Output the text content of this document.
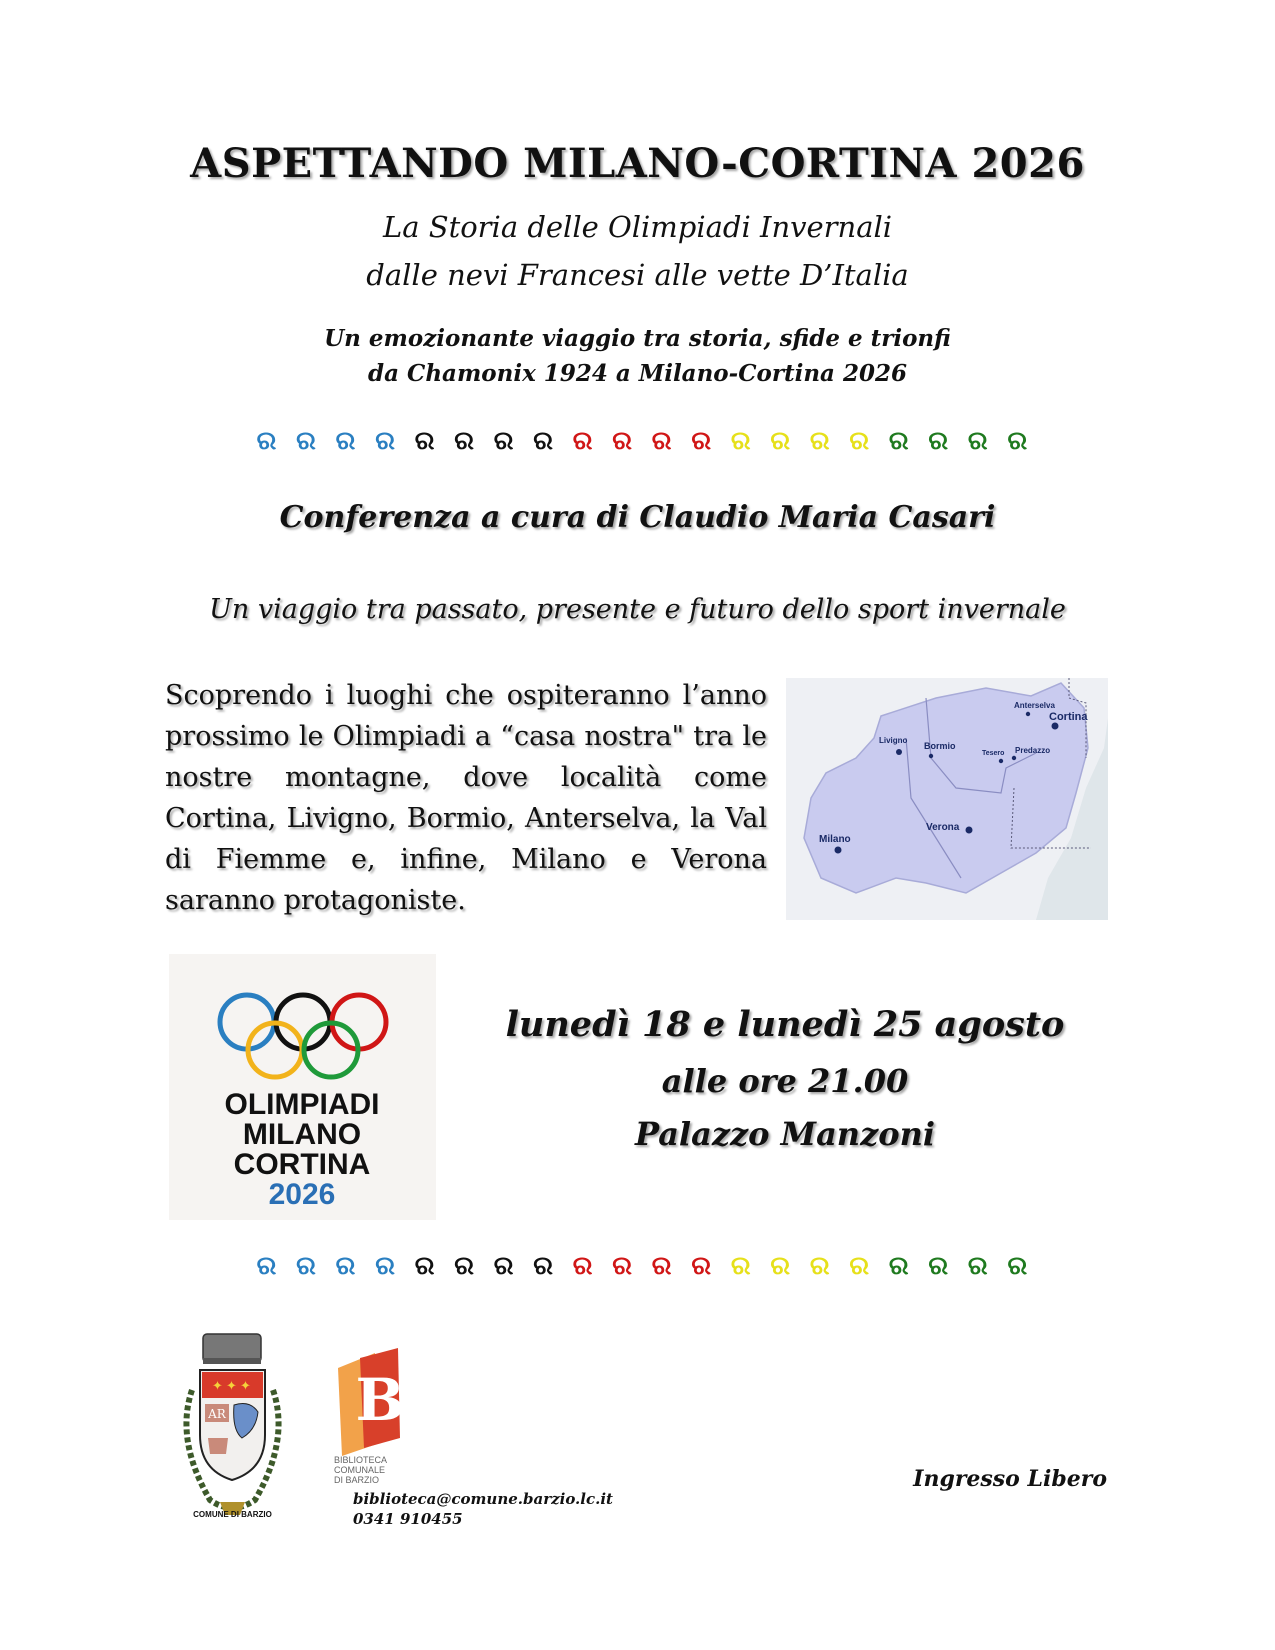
ASPETTANDO MILANO-CORTINA 2026
La Storia delle Olimpiadi Invernali
dalle nevi Francesi alle vette D’Italia
Un emozionante viaggio tra storia, sfide e trionfi
da Chamonix 1924 a Milano-Cortina 2026
ର ର ର ର ର ର ର ର ର ର ର ର ର ର ର ର ର ର ର ର
Conferenza a cura di Claudio Maria Casari
Un viaggio tra passato, presente e futuro dello sport invernale
Scoprendo i luoghi che ospiteranno l’anno prossimo le Olimpiadi a “casa nostra" tra le nostre montagne, dove località come Cortina, Livigno, Bormio, Anterselva, la Val di Fiemme e, infine, Milano e Verona saranno protagoniste.
Anterselva
Cortina
Livigno
Bormio
Tesero Predazzo
Milano
Verona
OLIMPIADI
MILANO
CORTINA
2026
lunedì 18 e lunedì 25 agosto
alle ore 21.00
Palazzo Manzoni
ର ର ର ର ର ର ର ର ର ର ର ର ର ର ର ର ର ର ର ର
✦ ✦ ✦
AR
COMUNE DI BARZIO
B
BIBLIOTECA
COMUNALE
DI BARZIO
biblioteca@comune.barzio.lc.it
0341 910455
Ingresso Libero
